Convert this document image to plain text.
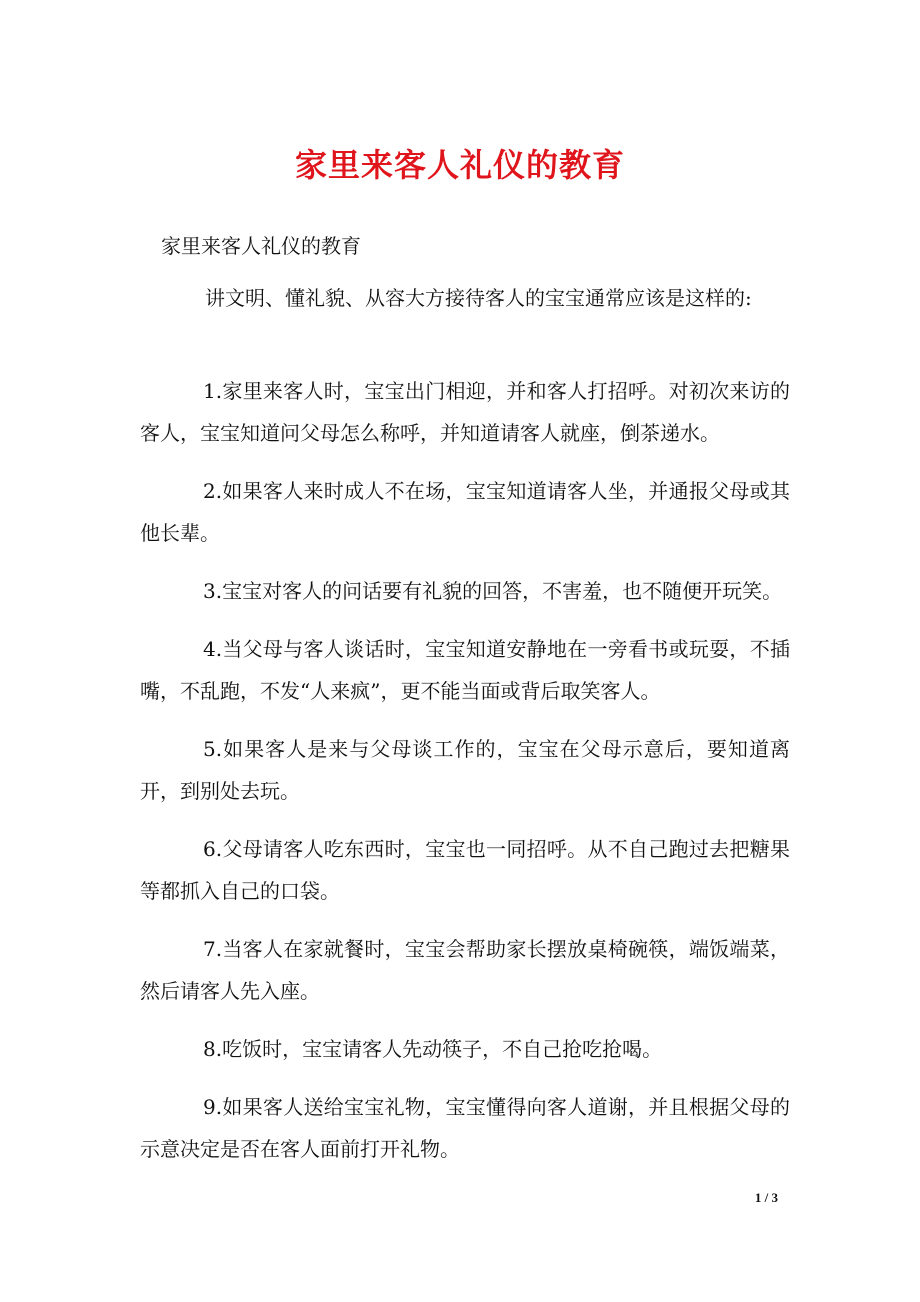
家里来客人礼仪的教育
家里来客人礼仪的教育
讲文明、懂礼貌、从容大方接待客人的宝宝通常应该是这样的:

1.家里来客人时，宝宝出门相迎，并和客人打招呼。对初次来访的客人，宝宝知道问父母怎么称呼，并知道请客人就座，倒茶递水。

2.如果客人来时成人不在场，宝宝知道请客人坐，并通报父母或其他长辈。

3.宝宝对客人的问话要有礼貌的回答，不害羞，也不随便开玩笑。

4.当父母与客人谈话时，宝宝知道安静地在一旁看书或玩耍，不插嘴，不乱跑，不发“人来疯”，更不能当面或背后取笑客人。

5.如果客人是来与父母谈工作的，宝宝在父母示意后，要知道离开，到别处去玩。

6.父母请客人吃东西时，宝宝也一同招呼。从不自己跑过去把糖果等都抓入自己的口袋。

7.当客人在家就餐时，宝宝会帮助家长摆放桌椅碗筷，端饭端菜，然后请客人先入座。

8.吃饭时，宝宝请客人先动筷子，不自己抢吃抢喝。

9.如果客人送给宝宝礼物，宝宝懂得向客人道谢，并且根据父母的示意决定是否在客人面前打开礼物。

1 / 3
